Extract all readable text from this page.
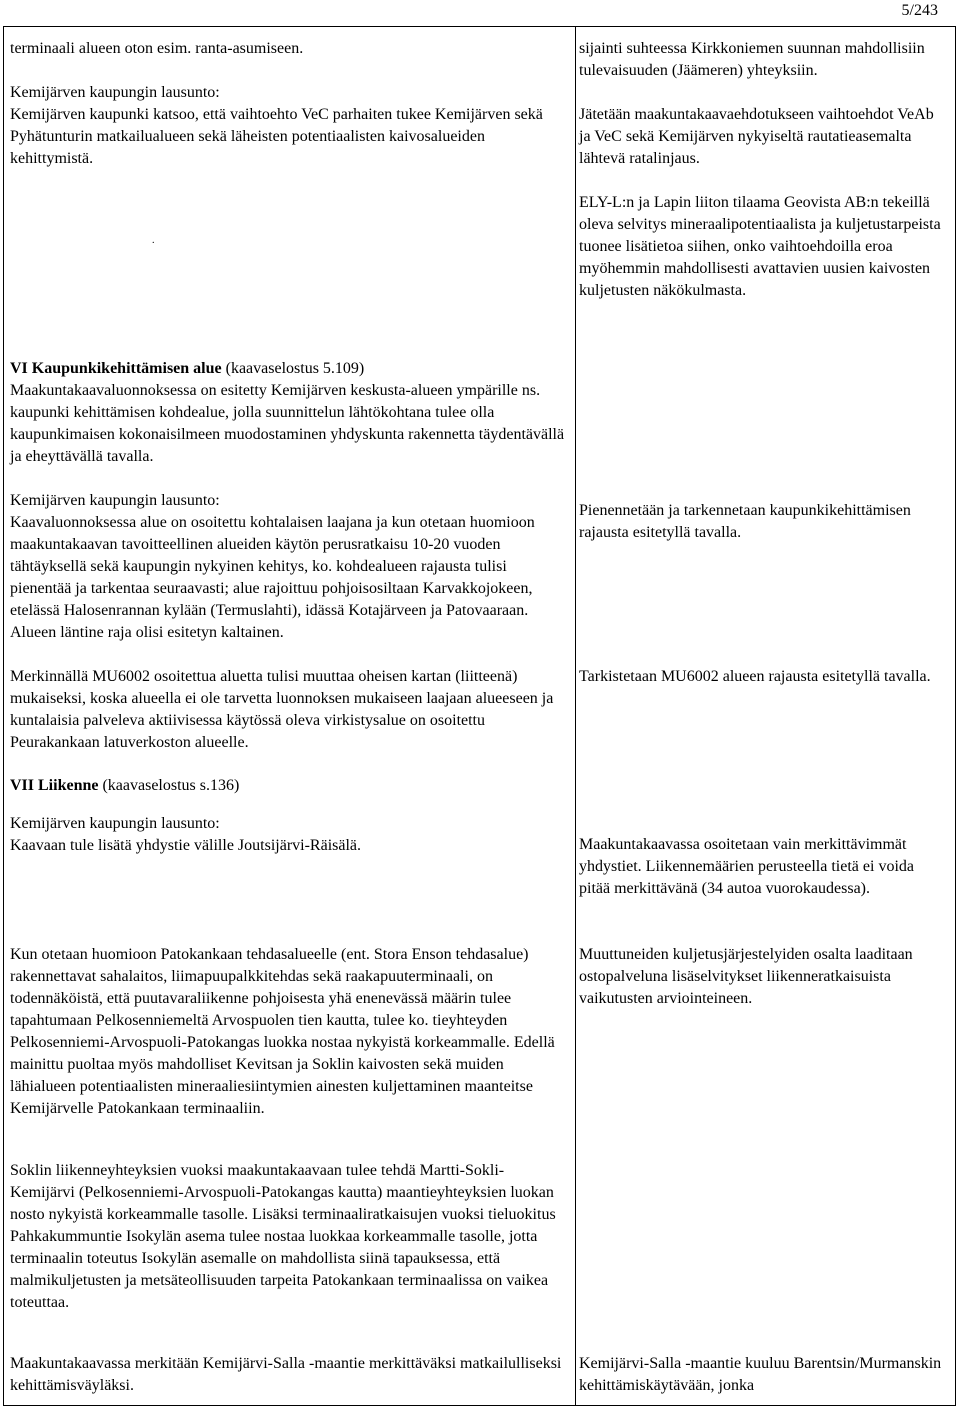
5/243

terminaali alueen oton esim. ranta-asumiseen.

Kemijärven kaupungin lausunto:

Kemijärven kaupunki katsoo, että vaihtoehto VeC parhaiten tukee Kemijärven sekä Pyhätunturin matkailualueen sekä läheisten potentiaalisten kaivosalueiden kehittymistä.

.

VI Kaupunkikehittämisen alue (kaavaselostus 5.109)

Maakuntakaavaluonnoksessa on esitetty Kemijärven keskusta-alueen ympärille ns. kaupunki kehittämisen kohdealue, jolla suunnittelun lähtökohtana tulee olla kaupunkimaisen kokonaisilmeen muodostaminen yhdyskunta rakennetta täydentävällä ja eheyttävällä tavalla.

Kemijärven kaupungin lausunto:

Kaavaluonnoksessa alue on osoitettu kohtalaisen laajana ja kun otetaan huomioon maakuntakaavan tavoitteellinen alueiden käytön perusratkaisu 10-20 vuoden tähtäyksellä sekä kaupungin nykyinen kehitys, ko. kohdealueen rajausta tulisi pienentää ja tarkentaa seuraavasti; alue rajoittuu pohjoisosiltaan Karvakkojokeen, etelässä Halosenrannan kylään (Termuslahti), idässä Kotajärveen ja Patovaaraan. Alueen läntine raja olisi esitetyn kaltainen.

Merkinnällä MU6002 osoitettua aluetta tulisi muuttaa oheisen kartan (liitteenä) mukaiseksi, koska alueella ei ole tarvetta luonnoksen mukaiseen laajaan alueeseen ja kuntalaisia palveleva aktiivisessa käytössä oleva virkistysalue on osoitettu Peurakankaan latuverkoston alueelle.

VII Liikenne (kaavaselostus s.136)

Kemijärven kaupungin lausunto:

Kaavaan tule lisätä yhdystie välille Joutsijärvi-Räisälä.

Kun otetaan huomioon Patokankaan tehdasalueelle (ent. Stora Enson tehdasalue) rakennettavat sahalaitos, liimapuupalkkitehdas sekä raakapuuterminaali, on todennäköistä, että puutavaraliikenne pohjoisesta yhä enenevässä määrin tulee tapahtumaan Pelkosenniemeltä Arvospuolen tien kautta, tulee ko. tieyhteyden Pelkosenniemi-Arvospuoli-Patokangas luokka nostaa nykyistä korkeammalle. Edellä mainittu puoltaa myös mahdolliset Kevitsan ja Soklin kaivosten sekä muiden lähialueen potentiaalisten mineraaliesiintymien ainesten kuljettaminen maanteitse Kemijärvelle Patokankaan terminaaliin.

Soklin liikenneyhteyksien vuoksi maakuntakaavaan tulee tehdä Martti-Sokli-Kemijärvi (Pelkosenniemi-Arvospuoli-Patokangas kautta) maantieyhteyksien luokan nosto nykyistä korkeammalle tasolle. Lisäksi terminaaliratkaisujen vuoksi tieluokitus Pahkakummuntie Isokylän asema tulee nostaa luokkaa korkeammalle tasolle, jotta terminaalin toteutus Isokylän asemalle on mahdollista siinä tapauksessa, että malmikuljetusten ja metsäteollisuuden tarpeita Patokankaan terminaalissa on vaikea toteuttaa.

Maakuntakaavassa merkitään Kemijärvi-Salla -maantie merkittäväksi matkailulliseksi kehittämisväyläksi.

sijainti suhteessa Kirkkoniemen suunnan mahdollisiin tulevaisuuden (Jäämeren) yhteyksiin.

Jätetään maakuntakaavaehdotukseen vaihtoehdot VeAb ja VeC sekä Kemijärven nykyiseltä rautatieasemalta lähtevä ratalinjaus.

ELY-L:n ja Lapin liiton tilaama Geovista AB:n tekeillä oleva selvitys mineraalipotentiaalista ja kuljetustarpeista tuonee lisätietoa siihen, onko vaihtoehdoilla eroa myöhemmin mahdollisesti avattavien uusien kaivosten kuljetusten näkökulmasta.

Pienennetään ja tarkennetaan kaupunkikehittämisen rajausta esitetyllä tavalla.

Tarkistetaan MU6002 alueen rajausta esitetyllä tavalla.

Maakuntakaavassa osoitetaan vain merkittävimmät yhdystiet. Liikennemäärien perusteella tietä ei voida pitää merkittävänä (34 autoa vuorokaudessa).

Muuttuneiden kuljetusjärjestelyiden osalta laaditaan ostopalveluna lisäselvitykset liikenneratkaisuista vaikutusten arviointeineen.

Kemijärvi-Salla -maantie kuuluu Barentsin/Murmanskin kehittämiskäytävään, jonka
